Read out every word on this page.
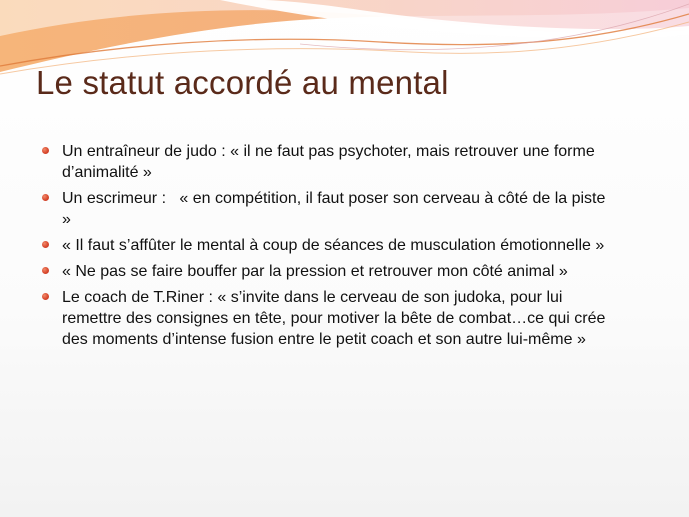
Le statut accordé au mental
Un entraîneur de judo : « il ne faut pas psychoter, mais retrouver une forme d’animalité »
Un escrimeur :   « en compétition, il faut poser son cerveau à côté de la piste »
« Il faut s’affûter le mental à coup de séances de musculation émotionnelle »
« Ne pas se faire bouffer par la pression et retrouver mon côté animal »
Le coach de T.Riner : « s’invite dans le cerveau de son judoka, pour lui remettre des consignes en tête, pour motiver la bête de combat…ce qui crée des moments d’intense fusion entre le petit coach et son autre lui-même »
